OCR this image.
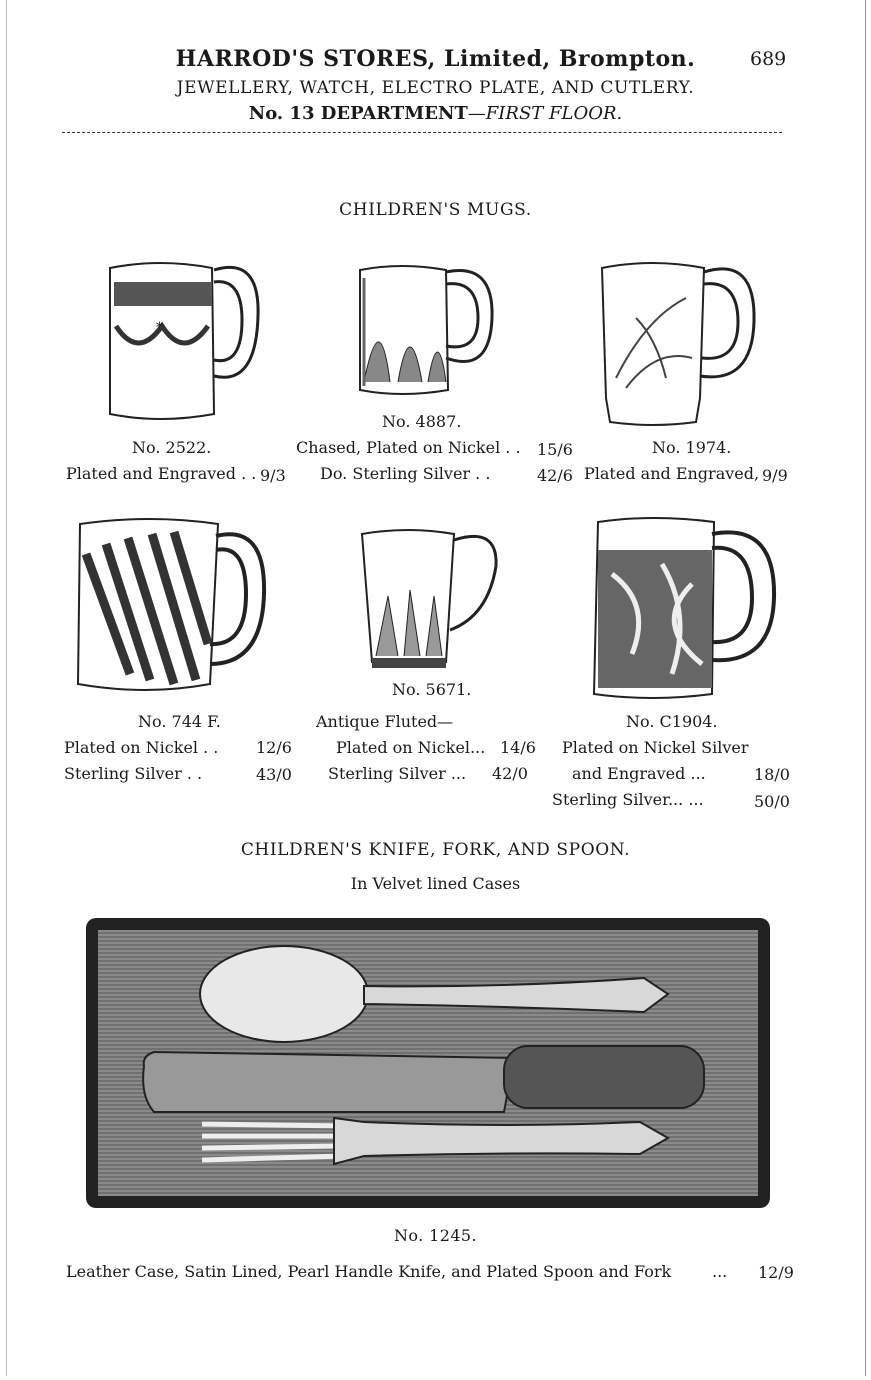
HARROD'S STORES, Limited, Brompton.	689
JEWELLERY, WATCH, ELECTRO PLATE, AND CUTLERY.
No. 13 DEPARTMENT—FIRST FLOOR.
CHILDREN'S MUGS.
*
No. 2522.
Plated and Engraved . . 9/3
No. 4887.
Chased, Plated on Nickel . . 15/6
Do. Sterling Silver . .	42/6
No. 1974.
Plated and Engraved, 9/9
No. 744 F.
Plated on Nickel . . 12/6
Sterling Silver . .	43/0
No. 5671.
Antique Fluted—
Plated on Nickel... 14/6
Sterling Silver ... 42/0
No. C1904.
Plated on Nickel Silver
and Engraved ...	18/0
Sterling Silver... ...	50/0
CHILDREN'S KNIFE, FORK, AND SPOON.
In Velvet lined Cases
No. 1245.
Leather Case, Satin Lined, Pearl Handle Knife, and Plated Spoon and Fork	... 12/9
